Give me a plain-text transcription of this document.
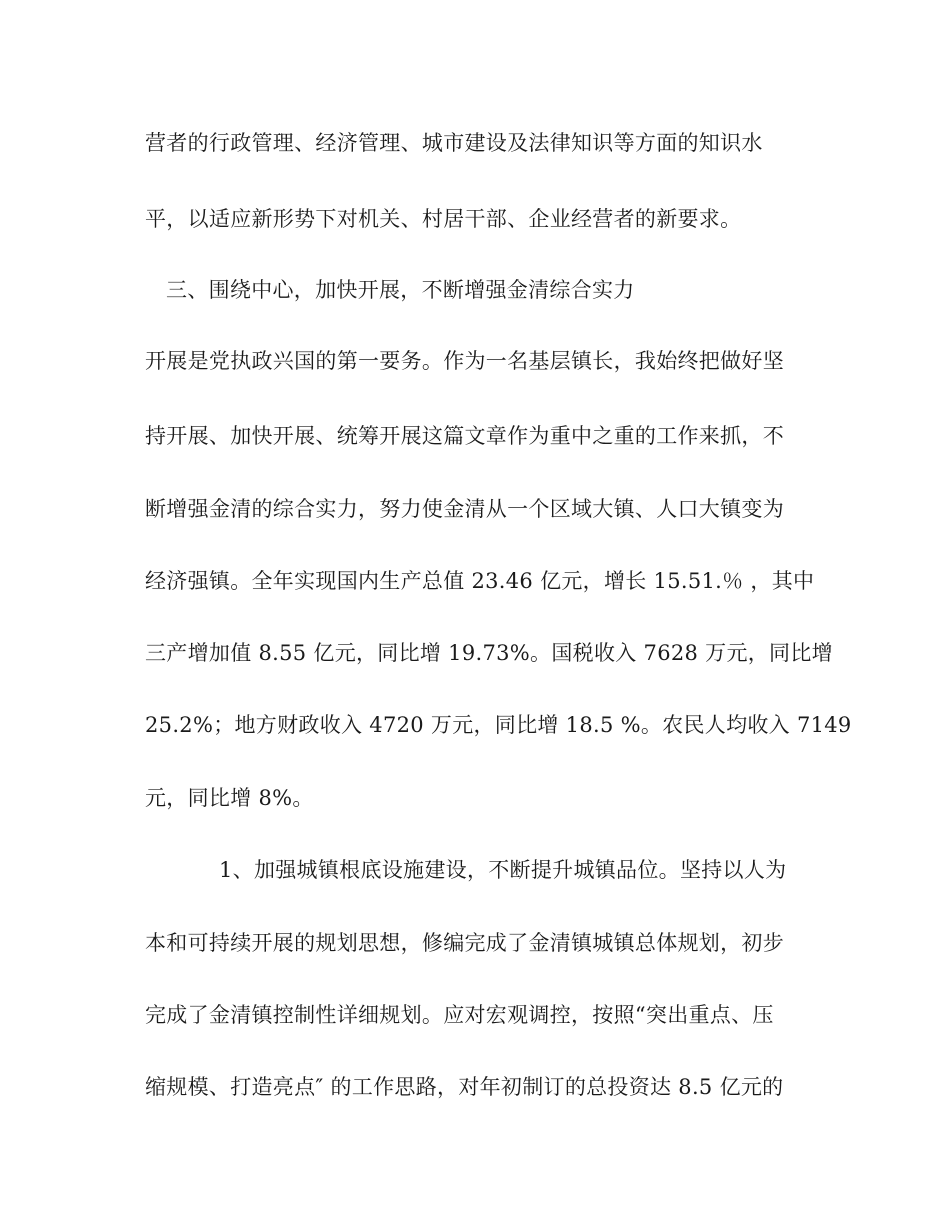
营者的行政管理、经济管理、城市建设及法律知识等方面的知识水
平，以适应新形势下对机关、村居干部、企业经营者的新要求。
三、围绕中心，加快开展，不断增强金清综合实力
开展是党执政兴国的第一要务。作为一名基层镇长，我始终把做好坚
持开展、加快开展、统筹开展这篇文章作为重中之重的工作来抓，不
断增强金清的综合实力，努力使金清从一个区域大镇、人口大镇变为
经济强镇。全年实现国内生产总值 23.46 亿元，增长 15.51.％ ，其中
三产增加值 8.55 亿元，同比增 19.73%。国税收入 7628 万元，同比增
25.2%；地方财政收入 4720 万元，同比增 18.5 %。农民人均收入 7149
元，同比增 8%。
1、加强城镇根底设施建设，不断提升城镇品位。坚持以人为
本和可持续开展的规划思想，修编完成了金清镇城镇总体规划，初步
完成了金清镇控制性详细规划。应对宏观调控，按照“突出重点、压
缩规模、打造亮点″ 的工作思路，对年初制订的总投资达 8.5 亿元的
